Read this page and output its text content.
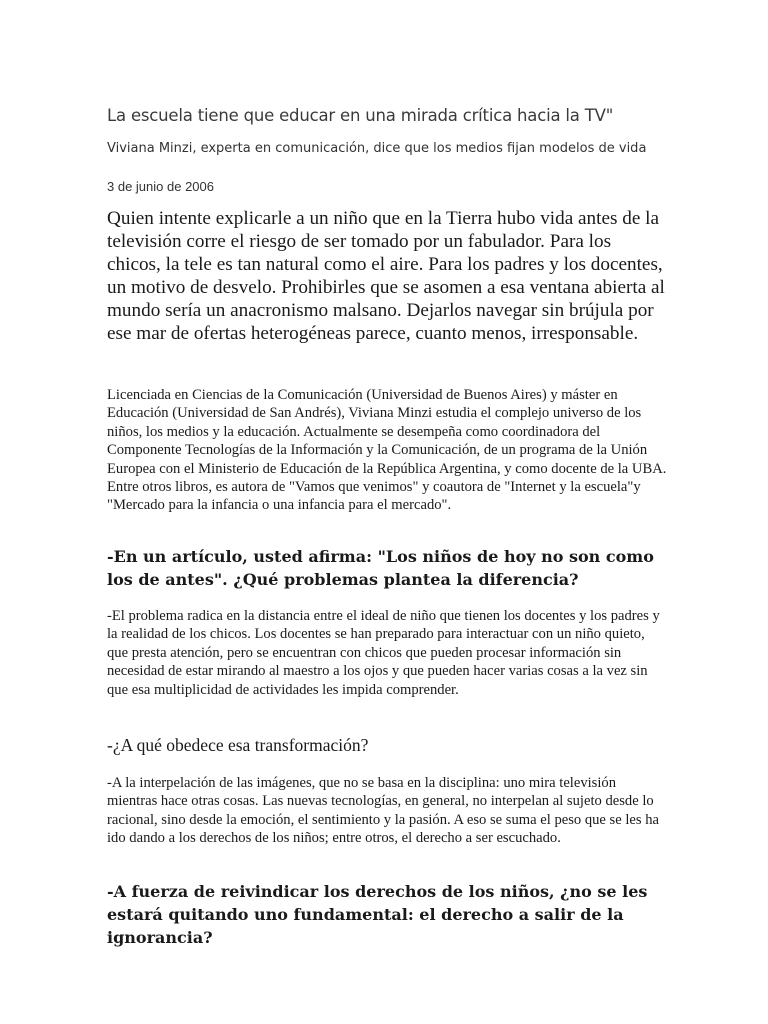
La escuela tiene que educar en una mirada crítica hacia la TV"
Viviana Minzi, experta en comunicación, dice que los medios fijan modelos de vida
3 de junio de 2006
Quien intente explicarle a un niño que en la Tierra hubo vida antes de la televisión corre el riesgo de ser tomado por un fabulador. Para los chicos, la tele es tan natural como el aire. Para los padres y los docentes, un motivo de desvelo. Prohibirles que se asomen a esa ventana abierta al mundo sería un anacronismo malsano. Dejarlos navegar sin brújula por ese mar de ofertas heterogéneas parece, cuanto menos, irresponsable.
Licenciada en Ciencias de la Comunicación (Universidad de Buenos Aires) y máster en Educación (Universidad de San Andrés), Viviana Minzi estudia el complejo universo de los niños, los medios y la educación. Actualmente se desempeña como coordinadora del Componente Tecnologías de la Información y la Comunicación, de un programa de la Unión Europea con el Ministerio de Educación de la República Argentina, y como docente de la UBA. Entre otros libros, es autora de "Vamos que venimos" y coautora de "Internet y la escuela"y "Mercado para la infancia o una infancia para el mercado".
-En un artículo, usted afirma: "Los niños de hoy no son como los de antes". ¿Qué problemas plantea la diferencia?
-El problema radica en la distancia entre el ideal de niño que tienen los docentes y los padres y la realidad de los chicos. Los docentes se han preparado para interactuar con un niño quieto, que presta atención, pero se encuentran con chicos que pueden procesar información sin necesidad de estar mirando al maestro a los ojos y que pueden hacer varias cosas a la vez sin que esa multiplicidad de actividades les impida comprender.
-¿A qué obedece esa transformación?
-A la interpelación de las imágenes, que no se basa en la disciplina: uno mira televisión mientras hace otras cosas. Las nuevas tecnologías, en general, no interpelan al sujeto desde lo racional, sino desde la emoción, el sentimiento y la pasión. A eso se suma el peso que se les ha ido dando a los derechos de los niños; entre otros, el derecho a ser escuchado.
-A fuerza de reivindicar los derechos de los niños, ¿no se les estará quitando uno fundamental: el derecho a salir de la ignorancia?
